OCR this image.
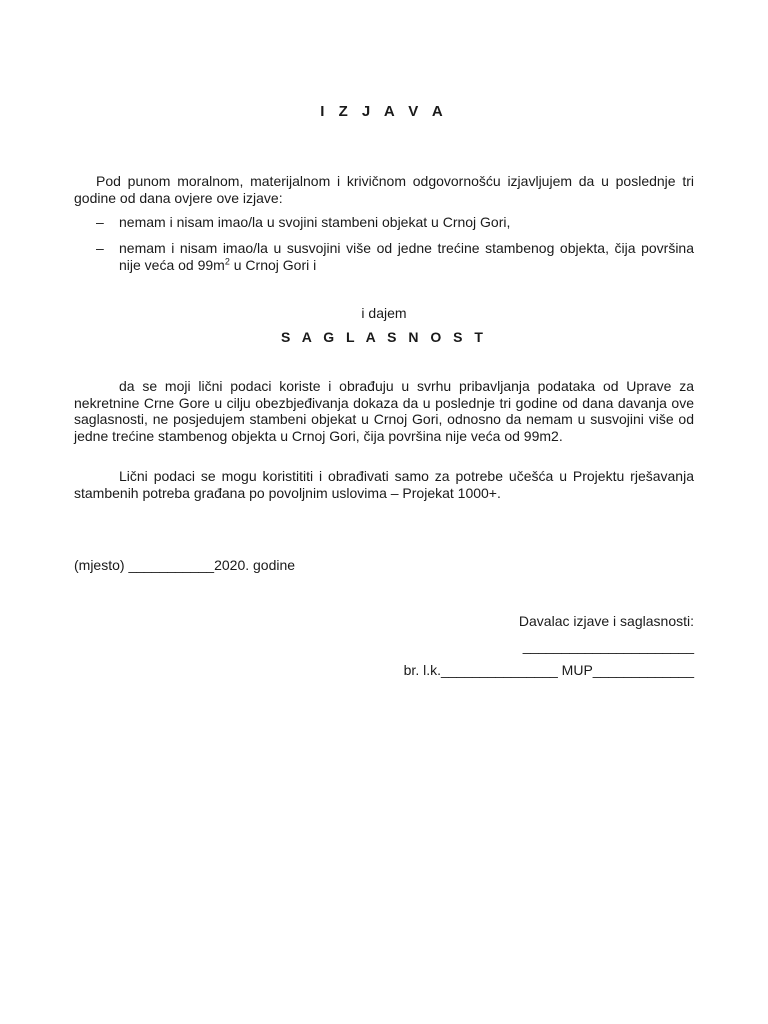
I Z J A V A

Pod punom moralnom, materijalnom i krivičnom odgovornošću izjavljujem da u poslednje tri godine od dana ovjere ove izjave:

– nemam i nisam imao/la u svojini stambeni objekat u Crnoj Gori,
– nemam i nisam imao/la u susvojini više od jedne trećine stambenog objekta, čija površina nije veća od $99m^2$ u Crnoj Gori i
i dajem
S A G L A S N O S T

da se moji lični podaci koriste i obrađuju u svrhu pribavljanja podataka od Uprave za nekretnine Crne Gore u cilju obezbjeđivanja dokaza da u poslednje tri godine od dana davanja ove saglasnosti, ne posjedujem stambeni objekat u Crnoj Gori, odnosno da nemam u susvojini više od jedne trećine stambenog objekta u Crnoj Gori, čija površina nije veća od 99m2.

Lični podaci se mogu koristititi i obrađivati samo za potrebe učešća u Projektu rješavanja stambenih potreba građana po povoljnim uslovima – Projekat 1000+.

(mjesto) ___________2020. godine
Davalac izjave i saglasnosti:
______________________
br. l.k._______________ MUP_____________
